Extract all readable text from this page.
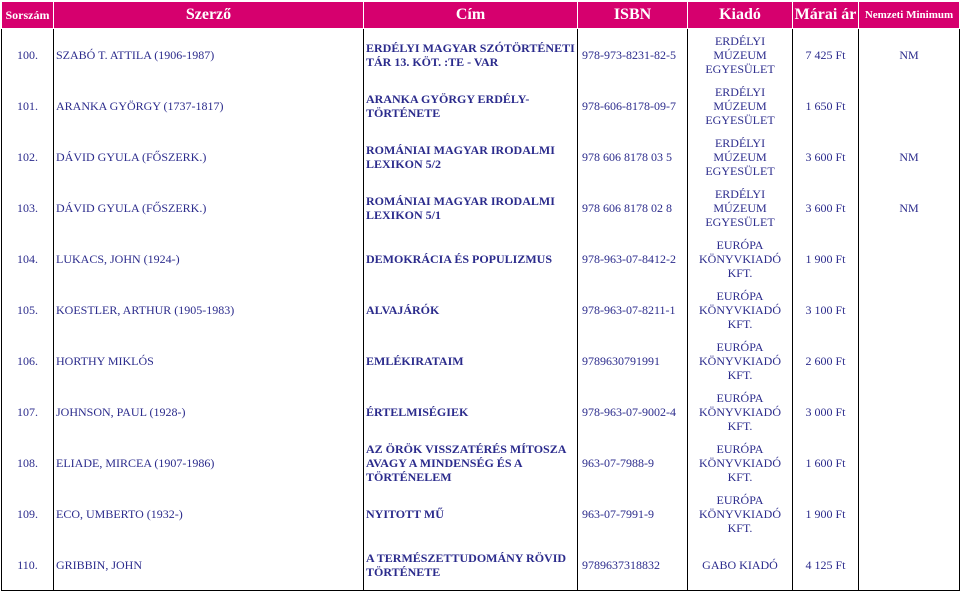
Sorszám	Szerző	Cím	ISBN	Kiadó	Márai ár	Nemzeti Minimum
100.	SZABÓ T. ATTILA (1906-1987)	ERDÉLYI MAGYAR SZÓTÖRTÉNETI TÁR 13. KÖT. :TE - VAR	978-973-8231-82-5	ERDÉLYI MÚZEUM EGYESÜLET	7 425 Ft	NM
101.	ARANKA GYÖRGY (1737-1817)	ARANKA GYÖRGY ERDÉLY-TÖRTÉNETE	978-606-8178-09-7	ERDÉLYI MÚZEUM EGYESÜLET	1 650 Ft	
102.	DÁVID GYULA (FŐSZERK.)	ROMÁNIAI MAGYAR IRODALMI LEXIKON 5/2	978 606 8178 03 5	ERDÉLYI MÚZEUM EGYESÜLET	3 600 Ft	NM
103.	DÁVID GYULA (FŐSZERK.)	ROMÁNIAI MAGYAR IRODALMI LEXIKON 5/1	978 606 8178 02 8	ERDÉLYI MÚZEUM EGYESÜLET	3 600 Ft	NM
104.	LUKACS, JOHN (1924-)	DEMOKRÁCIA ÉS POPULIZMUS	978-963-07-8412-2	EURÓPA KÖNYVKIADÓ KFT.	1 900 Ft	
105.	KOESTLER, ARTHUR (1905-1983)	ALVAJÁRÓK	978-963-07-8211-1	EURÓPA KÖNYVKIADÓ KFT.	3 100 Ft	
106.	HORTHY MIKLÓS	EMLÉKIRATAIM	9789630791991	EURÓPA KÖNYVKIADÓ KFT.	2 600 Ft	
107.	JOHNSON, PAUL (1928-)	ÉRTELMISÉGIEK	978-963-07-9002-4	EURÓPA KÖNYVKIADÓ KFT.	3 000 Ft	
108.	ELIADE, MIRCEA (1907-1986)	AZ ÖRÖK VISSZATÉRÉS MÍTOSZA AVAGY A MINDENSÉG ÉS A TÖRTÉNELEM	963-07-7988-9	EURÓPA KÖNYVKIADÓ KFT.	1 600 Ft	
109.	ECO, UMBERTO (1932-)	NYITOTT MŰ	963-07-7991-9	EURÓPA KÖNYVKIADÓ KFT.	1 900 Ft	
110.	GRIBBIN, JOHN	A TERMÉSZETTUDOMÁNY RÖVID TÖRTÉNETE	9789637318832	GABO KIADÓ	4 125 Ft	
